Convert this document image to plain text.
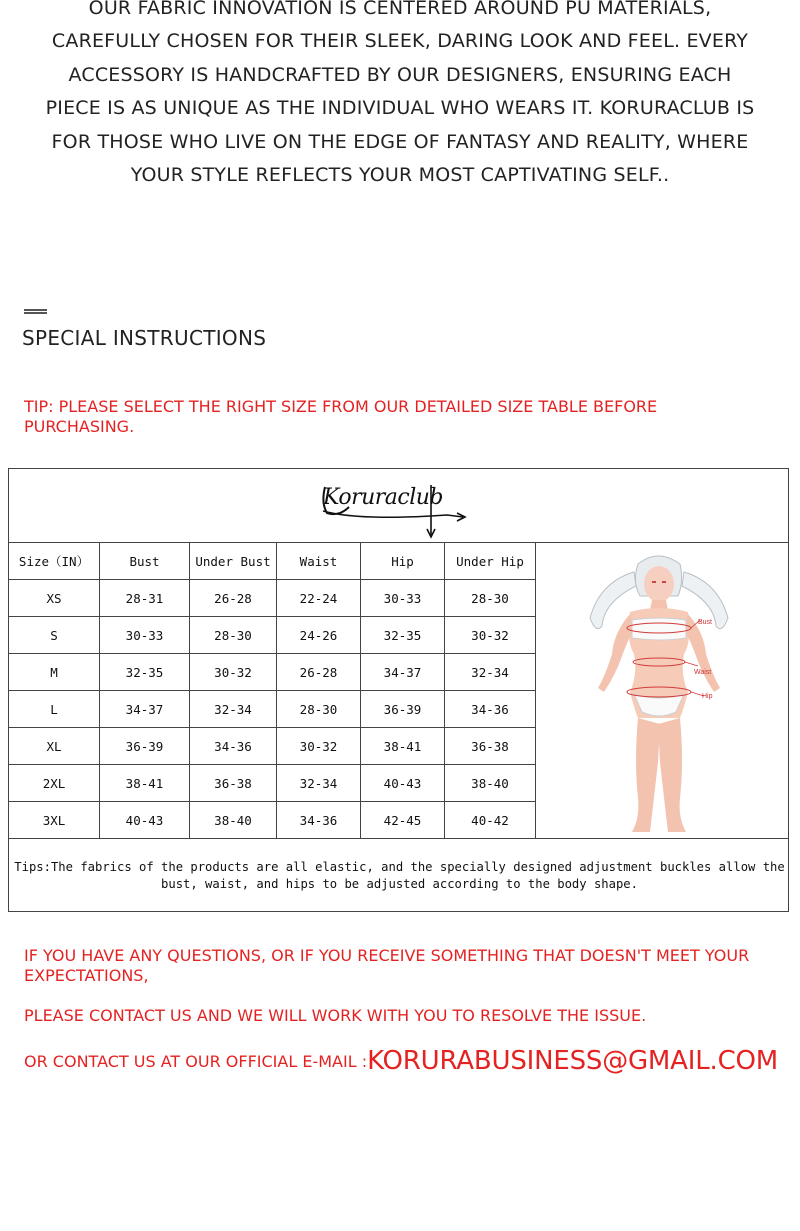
OUR FABRIC INNOVATION IS CENTERED AROUND PU MATERIALS,
CAREFULLY CHOSEN FOR THEIR SLEEK, DARING LOOK AND FEEL. EVERY
ACCESSORY IS HANDCRAFTED BY OUR DESIGNERS, ENSURING EACH
PIECE IS AS UNIQUE AS THE INDIVIDUAL WHO WEARS IT. KORURACLUB IS
FOR THOSE WHO LIVE ON THE EDGE OF FANTASY AND REALITY, WHERE
YOUR STYLE REFLECTS YOUR MOST CAPTIVATING SELF..
SPECIAL INSTRUCTIONS
TIP: PLEASE SELECT THE RIGHT SIZE FROM OUR DETAILED SIZE TABLE BEFORE PURCHASING.
Koruraclub
Size（IN）	Bust	Under Bust	Waist	Hip	Under Hip
XS	28-31	26-28	22-24	30-33	28-30
S	30-33	28-30	24-26	32-35	30-32
M	32-35	30-32	26-28	34-37	32-34
L	34-37	32-34	28-30	36-39	34-36
XL	36-39	34-36	30-32	38-41	36-38
2XL	38-41	36-38	32-34	40-43	38-40
3XL	40-43	38-40	34-36	42-45	40-42
Bust
Waist
Hip
Tips:The fabrics of the products are all elastic, and the specially designed adjustment buckles allow the bust, waist, and hips to be adjusted according to the body shape.
IF YOU HAVE ANY QUESTIONS, OR IF YOU RECEIVE SOMETHING THAT DOESN'T MEET YOUR EXPECTATIONS,
PLEASE CONTACT US AND WE WILL WORK WITH YOU TO RESOLVE THE ISSUE.
OR CONTACT US AT OUR OFFICIAL E-MAIL :KORURABUSINESS@GMAIL.COM
